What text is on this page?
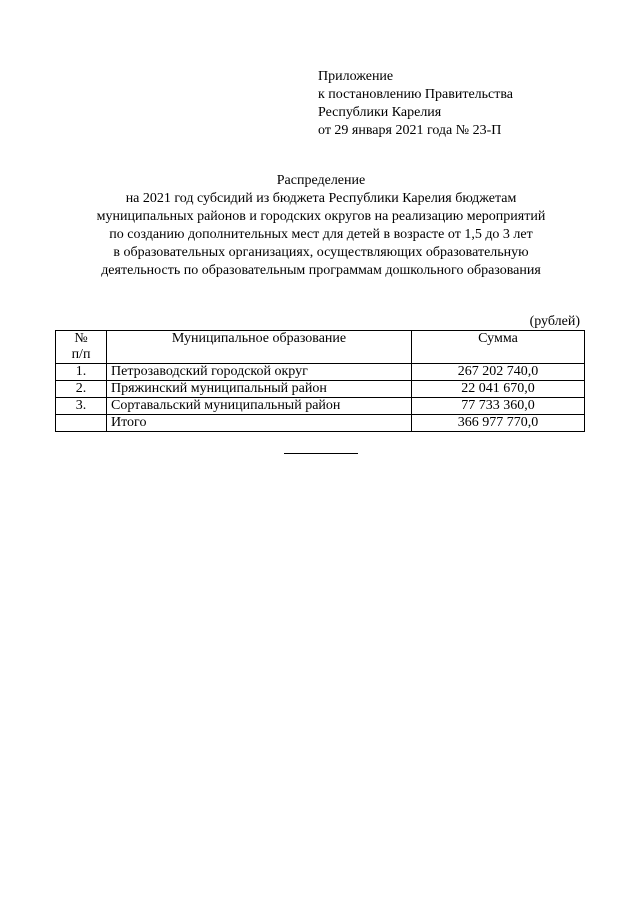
Приложение
к постановлению Правительства
Республики Карелия
от 29 января 2021 года № 23-П
Распределение
на 2021 год субсидий из бюджета Республики Карелия бюджетам
муниципальных районов и городских округов на реализацию мероприятий
по созданию дополнительных мест для детей в возрасте от 1,5 до 3 лет
в образовательных организациях, осуществляющих образовательную
деятельность по образовательным программам дошкольного образования
(рублей)
№
п/п	Муниципальное образование	Сумма
1.	Петрозаводский городской округ	267 202 740,0
2.	Пряжинский муниципальный район	22 041 670,0
3.	Сортавальский муниципальный район	77 733 360,0
	Итого	366 977 770,0
